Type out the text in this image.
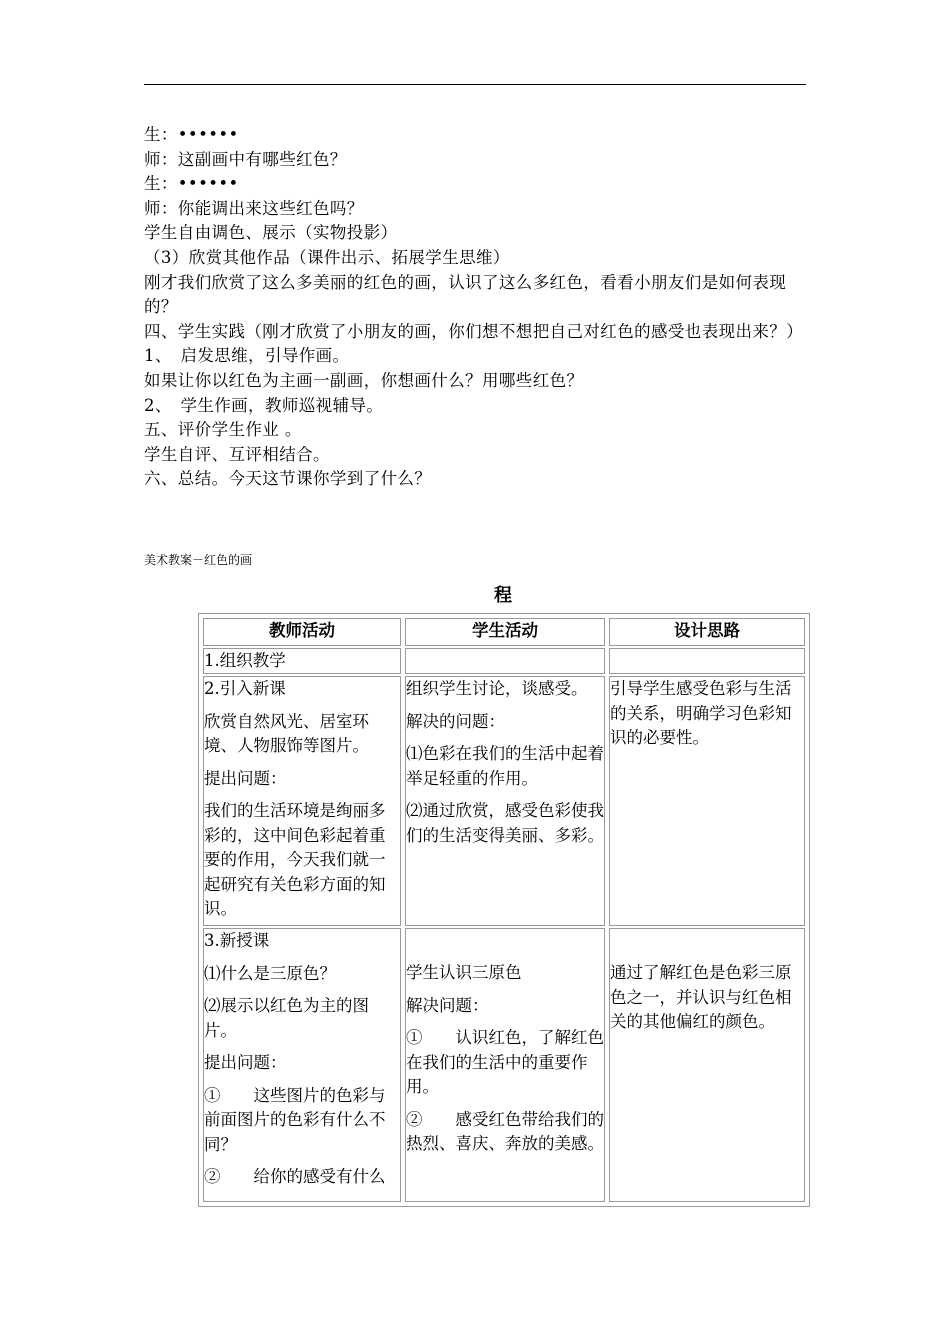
生：••••••
师：这副画中有哪些红色？
生：••••••
师：你能调出来这些红色吗？
学生自由调色、展示（实物投影）
（3）欣赏其他作品（课件出示、拓展学生思维）
刚才我们欣赏了这么多美丽的红色的画，认识了这么多红色，看看小朋友们是如何表现的？
四、学生实践（刚才欣赏了小朋友的画，你们想不想把自己对红色的感受也表现出来？）
1、　启发思维，引导作画。
如果让你以红色为主画一副画，你想画什么？用哪些红色？
2、　学生作画，教师巡视辅导。
五、评价学生作业 。
学生自评、互评相结合。
六、总结。今天这节课你学到了什么？
美术教案－红色的画
程
教师活动	学生活动	设计思路

1.组织教学

2.引入新课

欣赏自然风光、居室环境、人物服饰等图片。

提出问题：

我们的生活环境是绚丽多彩的，这中间色彩起着重要的作用，今天我们就一起研究有关色彩方面的知识。

组织学生讨论，谈感受。

解决的问题：

⑴色彩在我们的生活中起着举足轻重的作用。

⑵通过欣赏，感受色彩使我们的生活变得美丽、多彩。

引导学生感受色彩与生活的关系，明确学习色彩知识的必要性。

3.新授课

⑴什么是三原色？

⑵展示以红色为主的图片。

提出问题：

①　　这些图片的色彩与前面图片的色彩有什么不同？

②　　给你的感受有什么

学生认识三原色

解决问题：

①　　认识红色，了解红色在我们的生活中的重要作用。

②　　感受红色带给我们的热烈、喜庆、奔放的美感。

通过了解红色是色彩三原色之一，并认识与红色相关的其他偏红的颜色。
